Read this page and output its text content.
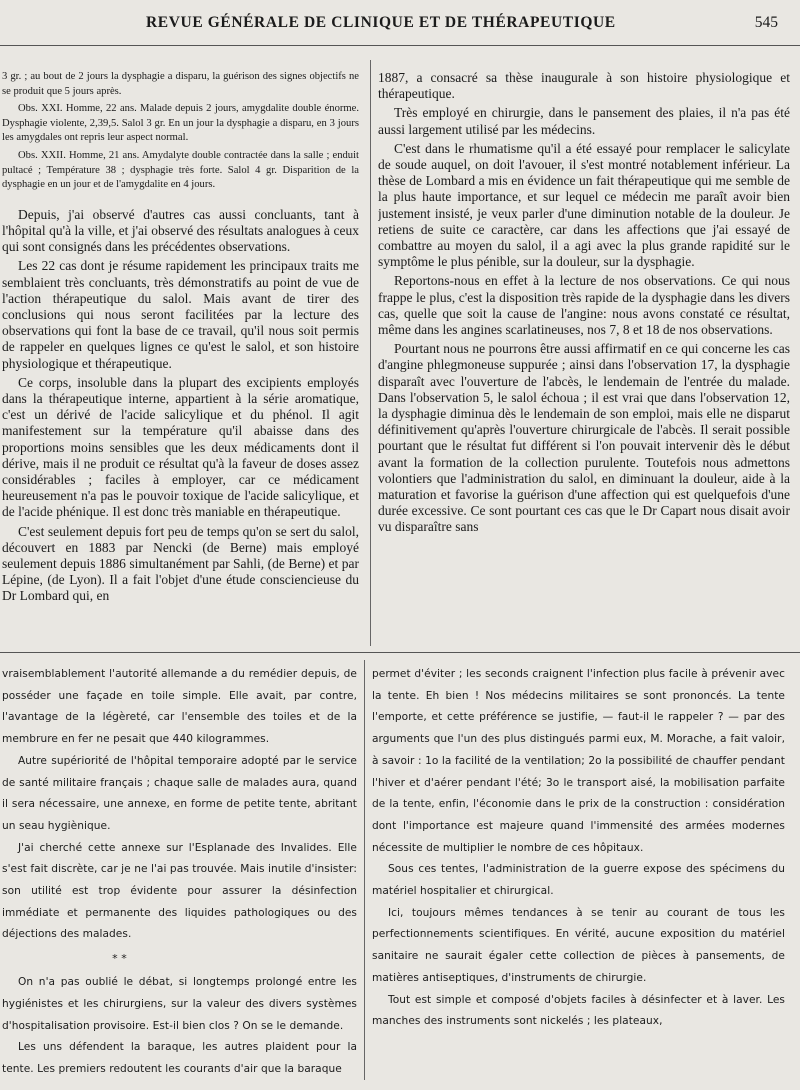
REVUE GÉNÉRALE DE CLINIQUE ET DE THÉRAPEUTIQUE	545

3 gr. ; au bout de 2 jours la dysphagie a disparu, la guérison des signes objectifs ne se produit que 5 jours après.

Obs. XXI. Homme, 22 ans. Malade depuis 2 jours, amygdalite double énorme. Dysphagie violente, 2,39,5. Salol 3 gr. En un jour la dysphagie a disparu, en 3 jours les amygdales ont repris leur aspect normal.

Obs. XXII. Homme, 21 ans. Amydalyte double contractée dans la salle ; enduit pultacé ; Température 38 ; dysphagie très forte. Salol 4 gr. Disparition de la dysphagie en un jour et de l'amygdalite en 4 jours.

Depuis, j'ai observé d'autres cas aussi concluants, tant à l'hôpital qu'à la ville, et j'ai observé des résultats analogues à ceux qui sont consignés dans les précédentes observations.

Les 22 cas dont je résume rapidement les principaux traits me semblaient très concluants, très démonstratifs au point de vue de l'action thérapeutique du salol. Mais avant de tirer des conclusions qui nous seront facilitées par la lecture des observations qui font la base de ce travail, qu'il nous soit permis de rappeler en quelques lignes ce qu'est le salol, et son histoire physiologique et thérapeutique.

Ce corps, insoluble dans la plupart des excipients employés dans la thérapeutique interne, appartient à la série aromatique, c'est un dérivé de l'acide salicylique et du phénol. Il agit manifestement sur la température qu'il abaisse dans des proportions moins sensibles que les deux médicaments dont il dérive, mais il ne produit ce résultat qu'à la faveur de doses assez considérables ; faciles à employer, car ce médicament heureusement n'a pas le pouvoir toxique de l'acide salicylique, et de l'acide phénique. Il est donc très maniable en thérapeutique.

C'est seulement depuis fort peu de temps qu'on se sert du salol, découvert en 1883 par Nencki (de Berne) mais employé seulement depuis 1886 simultanément par Sahli, (de Berne) et par Lépine, (de Lyon). Il a fait l'objet d'une étude consciencieuse du Dr Lombard qui, en

1887, a consacré sa thèse inaugurale à son histoire physiologique et thérapeutique.

Très employé en chirurgie, dans le pansement des plaies, il n'a pas été aussi largement utilisé par les médecins.

C'est dans le rhumatisme qu'il a été essayé pour remplacer le salicylate de soude auquel, on doit l'avouer, il s'est montré notablement inférieur. La thèse de Lombard a mis en évidence un fait thérapeutique qui me semble de la plus haute importance, et sur lequel ce médecin me paraît avoir bien justement insisté, je veux parler d'une diminution notable de la douleur. Je retiens de suite ce caractère, car dans les affections que j'ai essayé de combattre au moyen du salol, il a agi avec la plus grande rapidité sur le symptôme le plus pénible, sur la douleur, sur la dysphagie.

Reportons-nous en effet à la lecture de nos observations. Ce qui nous frappe le plus, c'est la disposition très rapide de la dysphagie dans les divers cas, quelle que soit la cause de l'angine: nous avons constaté ce résultat, même dans les angines scarlatineuses, nos 7, 8 et 18 de nos observations.

Pourtant nous ne pourrons être aussi affirmatif en ce qui concerne les cas d'angine phlegmoneuse suppurée ; ainsi dans l'observation 17, la dysphagie disparaît avec l'ouverture de l'abcès, le lendemain de l'entrée du malade. Dans l'observation 5, le salol échoua ; il est vrai que dans l'observation 12, la dysphagie diminua dès le lendemain de son emploi, mais elle ne disparut définitivement qu'après l'ouverture chirurgicale de l'abcès. Il serait possible pourtant que le résultat fut différent si l'on pouvait intervenir dès le début avant la formation de la collection purulente. Toutefois nous admettons volontiers que l'administration du salol, en diminuant la douleur, aide à la maturation et favorise la guérison d'une affection qui est quelquefois d'une durée excessive. Ce sont pourtant ces cas que le Dr Capart nous disait avoir vu disparaître sans

vraisemblablement l'autorité allemande a du remédier depuis, de posséder une façade en toile simple. Elle avait, par contre, l'avantage de la légèreté, car l'ensemble des toiles et de la membrure en fer ne pesait que 440 kilogrammes.

Autre supériorité de l'hôpital temporaire adopté par le service de santé militaire français ; chaque salle de malades aura, quand il sera nécessaire, une annexe, en forme de petite tente, abritant un seau hygiènique.

J'ai cherché cette annexe sur l'Esplanade des Invalides. Elle s'est fait discrète, car je ne l'ai pas trouvée. Mais inutile d'insister: son utilité est trop évidente pour assurer la désinfection immédiate et permanente des liquides pathologiques ou des déjections des malades.

* *

On n'a pas oublié le débat, si longtemps prolongé entre les hygiénistes et les chirurgiens, sur la valeur des divers systèmes d'hospitalisation provisoire. Est-il bien clos ? On se le demande.

Les uns défendent la baraque, les autres plaident pour la tente. Les premiers redoutent les courants d'air que la baraque

permet d'éviter ; les seconds craignent l'infection plus facile à prévenir avec la tente. Eh bien ! Nos médecins militaires se sont prononcés. La tente l'emporte, et cette préférence se justifie, — faut-il le rappeler ? — par des arguments que l'un des plus distingués parmi eux, M. Morache, a fait valoir, à savoir : 1o la facilité de la ventilation; 2o la possibilité de chauffer pendant l'hiver et d'aérer pendant l'été; 3o le transport aisé, la mobilisation parfaite de la tente, enfin, l'économie dans le prix de la construction : considération dont l'importance est majeure quand l'immensité des armées modernes nécessite de multiplier le nombre de ces hôpitaux.

Sous ces tentes, l'administration de la guerre expose des spécimens du matériel hospitalier et chirurgical.

Ici, toujours mêmes tendances à se tenir au courant de tous les perfectionnements scientifiques. En vérité, aucune exposition du matériel sanitaire ne saurait égaler cette collection de pièces à pansements, de matières antiseptiques, d'instruments de chirurgie.

Tout est simple et composé d'objets faciles à désinfecter et à laver. Les manches des instruments sont nickelés ; les plateaux,
